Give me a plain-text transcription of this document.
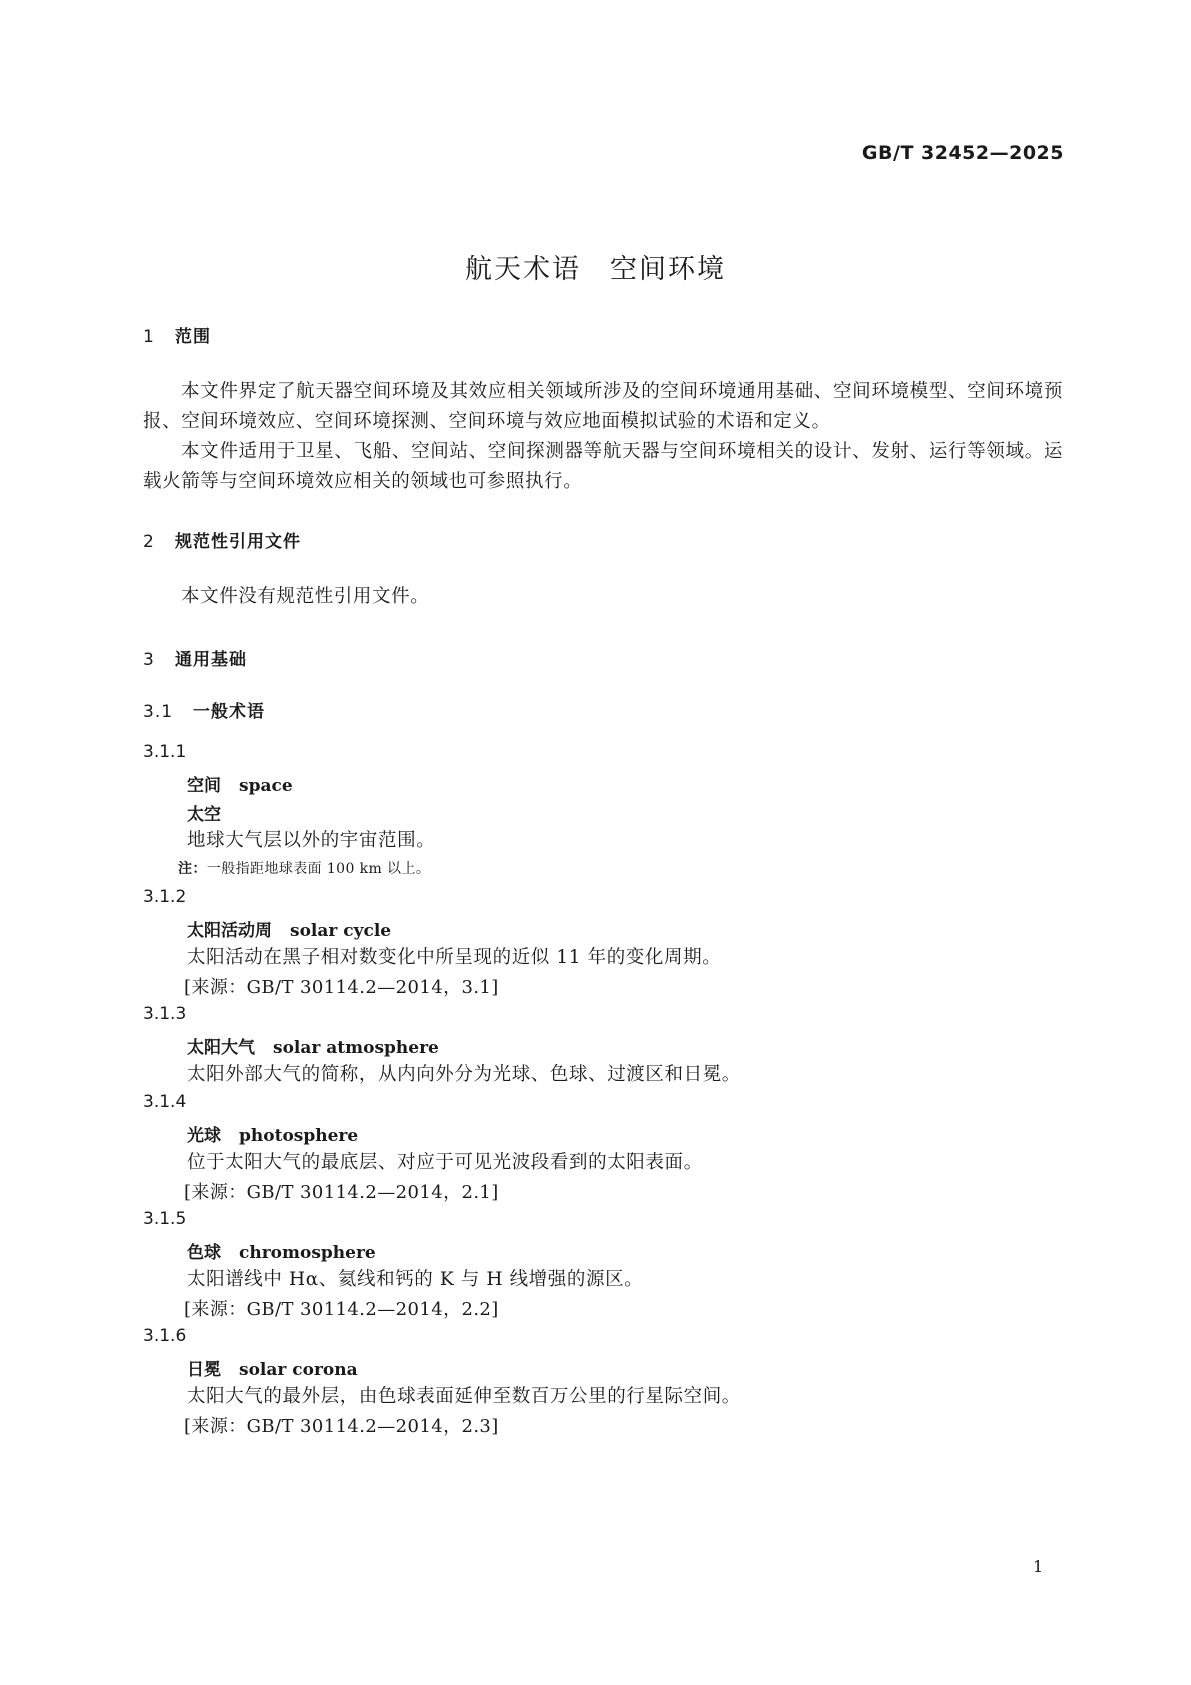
GB/T 32452—2025
航天术语　空间环境
1 范围
本文件界定了航天器空间环境及其效应相关领域所涉及的空间环境通用基础、空间环境模型、空间环境预报、空间环境效应、空间环境探测、空间环境与效应地面模拟试验的术语和定义。
本文件适用于卫星、飞船、空间站、空间探测器等航天器与空间环境相关的设计、发射、运行等领域。运载火箭等与空间环境效应相关的领域也可参照执行。
2 规范性引用文件
本文件没有规范性引用文件。
3 通用基础
3.1 一般术语
3.1.1
空间 space
太空
地球大气层以外的宇宙范围。
注：一般指距地球表面 100 km 以上。
3.1.2
太阳活动周 solar cycle
太阳活动在黑子相对数变化中所呈现的近似 11 年的变化周期。
[来源：GB/T 30114.2—2014，3.1]
3.1.3
太阳大气 solar atmosphere
太阳外部大气的简称，从内向外分为光球、色球、过渡区和日冕。
3.1.4
光球 photosphere
位于太阳大气的最底层、对应于可见光波段看到的太阳表面。
[来源：GB/T 30114.2—2014，2.1]
3.1.5
色球 chromosphere
太阳谱线中 Hα、氦线和钙的 K 与 H 线增强的源区。
[来源：GB/T 30114.2—2014，2.2]
3.1.6
日冕 solar corona
太阳大气的最外层，由色球表面延伸至数百万公里的行星际空间。
[来源：GB/T 30114.2—2014，2.3]
1
